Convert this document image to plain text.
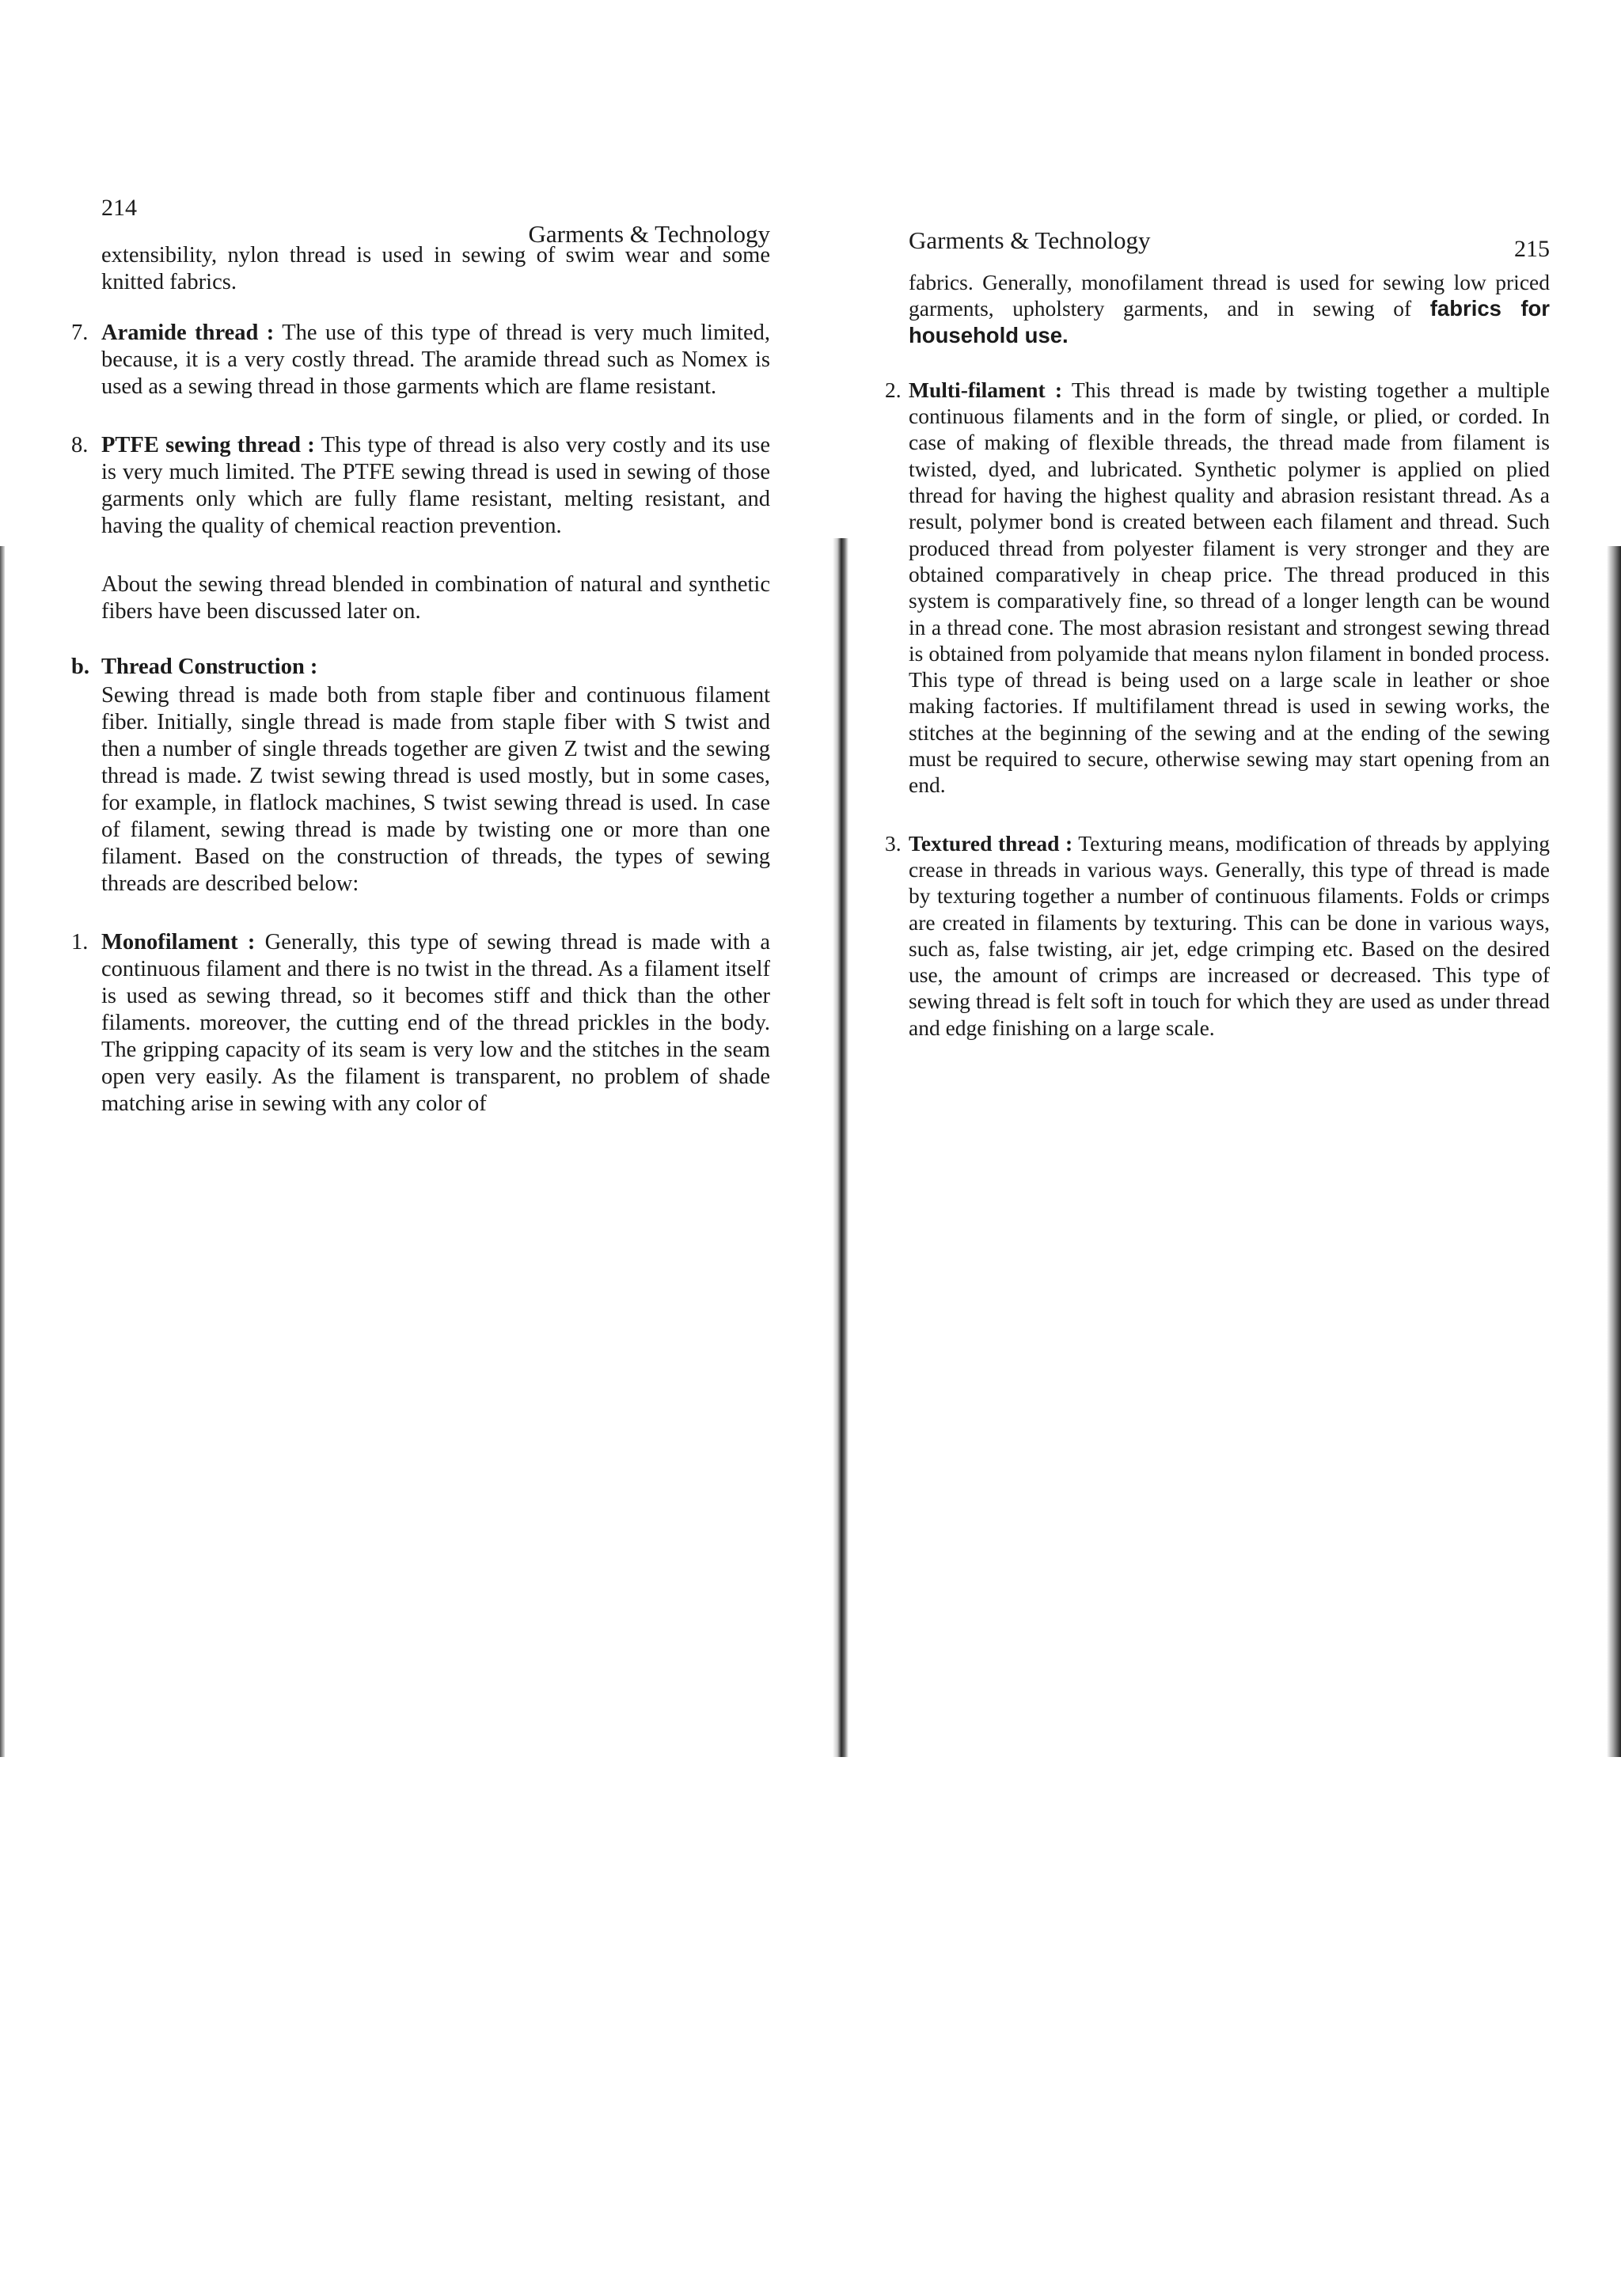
214
Garments & Technology

extensibility, nylon thread is used in sewing of swim wear and some knitted fabrics.

7. Aramide thread : The use of this type of thread is very much limited, because, it is a very costly thread. The aramide thread such as Nomex is used as a sewing thread in those garments which are flame resistant.

8. PTFE sewing thread : This type of thread is also very costly and its use is very much limited. The PTFE sewing thread is used in sewing of those garments only which are fully flame resistant, melting resistant, and having the quality of chemical reaction prevention.

About the sewing thread blended in combination of natural and synthetic fibers have been discussed later on.

b. Thread Construction :

Sewing thread is made both from staple fiber and continuous filament fiber. Initially, single thread is made from staple fiber with S twist and then a number of single threads together are given Z twist and the sewing thread is made. Z twist sewing thread is used mostly, but in some cases, for example, in flatlock machines, S twist sewing thread is used. In case of filament, sewing thread is made by twisting one or more than one filament. Based on the construction of threads, the types of sewing threads are described below:

1. Monofilament : Generally, this type of sewing thread is made with a continuous filament and there is no twist in the thread. As a filament itself is used as sewing thread, so it becomes stiff and thick than the other filaments. moreover, the cutting end of the thread prickles in the body. The gripping capacity of its seam is very low and the stitches in the seam open very easily. As the filament is transparent, no problem of shade matching arise in sewing with any color of

Garments & Technology	215

fabrics. Generally, monofilament thread is used for sewing low priced garments, upholstery garments, and in sewing of fabrics for household use.

2. Multi-filament : This thread is made by twisting together a multiple continuous filaments and in the form of single, or plied, or corded. In case of making of flexible threads, the thread made from filament is twisted, dyed, and lubricated. Synthetic polymer is applied on plied thread for having the highest quality and abrasion resistant thread. As a result, polymer bond is created between each filament and thread. Such produced thread from polyester filament is very stronger and they are obtained comparatively in cheap price. The thread produced in this system is comparatively fine, so thread of a longer length can be wound in a thread cone. The most abrasion resistant and strongest sewing thread is obtained from polyamide that means nylon filament in bonded process. This type of thread is being used on a large scale in leather or shoe making factories. If multifilament thread is used in sewing works, the stitches at the beginning of the sewing and at the ending of the sewing must be required to secure, otherwise sewing may start opening from an end.

3. Textured thread : Texturing means, modification of threads by applying crease in threads in various ways. Generally, this type of thread is made by texturing together a number of continuous filaments. Folds or crimps are created in filaments by texturing. This can be done in various ways, such as, false twisting, air jet, edge crimping etc. Based on the desired use, the amount of crimps are increased or decreased. This type of sewing thread is felt soft in touch for which they are used as under thread and edge finishing on a large scale.
